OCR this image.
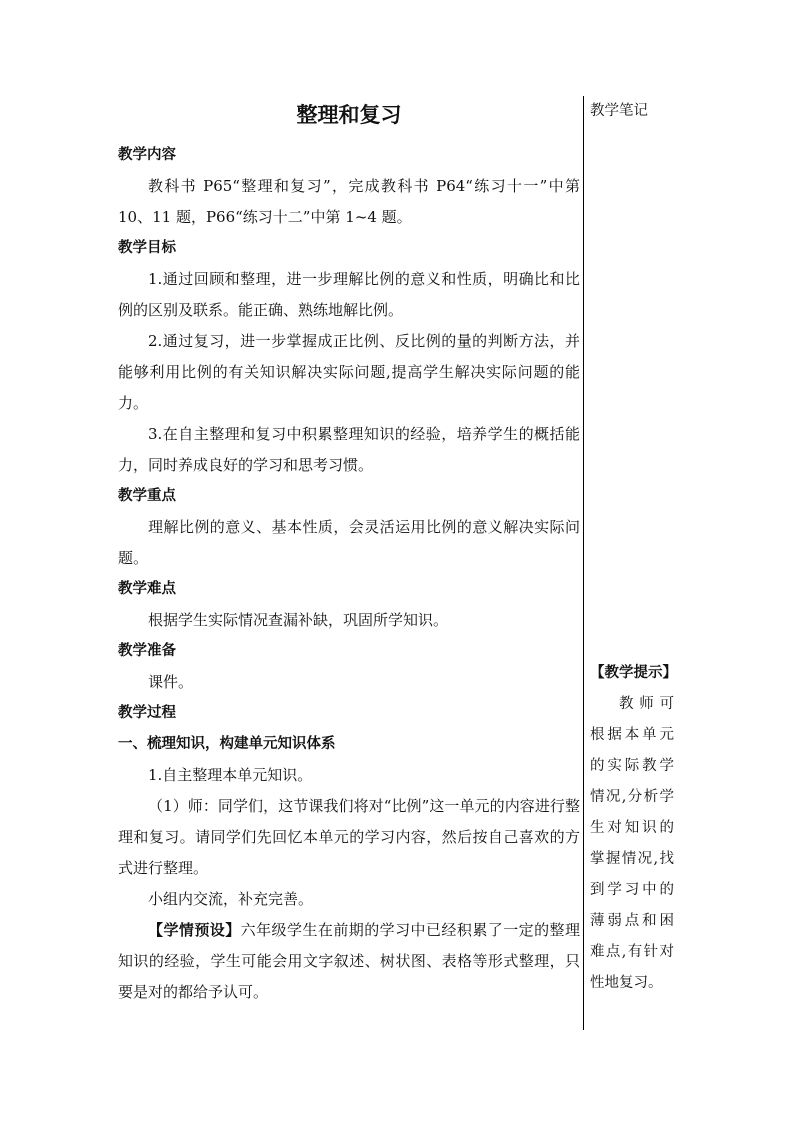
整理和复习

教学内容

教科书 P65“整理和复习”，完成教科书 P64“练习十一”中第 10、11 题，P66“练习十二”中第 1~4 题。

教学目标

1.通过回顾和整理，进一步理解比例的意义和性质，明确比和比例的区别及联系。能正确、熟练地解比例。

2.通过复习，进一步掌握成正比例、反比例的量的判断方法，并能够利用比例的有关知识解决实际问题,提高学生解决实际问题的能力。

3.在自主整理和复习中积累整理知识的经验，培养学生的概括能力，同时养成良好的学习和思考习惯。

教学重点

理解比例的意义、基本性质，会灵活运用比例的意义解决实际问题。

教学难点

根据学生实际情况查漏补缺，巩固所学知识。

教学准备

课件。

教学过程

一、梳理知识，构建单元知识体系

1.自主整理本单元知识。

（1）师：同学们，这节课我们将对“比例”这一单元的内容进行整理和复习。请同学们先回忆本单元的学习内容，然后按自己喜欢的方式进行整理。

小组内交流，补充完善。

【学情预设】六年级学生在前期的学习中已经积累了一定的整理知识的经验，学生可能会用文字叙述、树状图、表格等形式整理，只要是对的都给予认可。

教学笔记

【教学提示】
教师可根据本单元的实际教学情况,分析学生对知识的掌握情况,找到学习中的薄弱点和困难点,有针对性地复习。
